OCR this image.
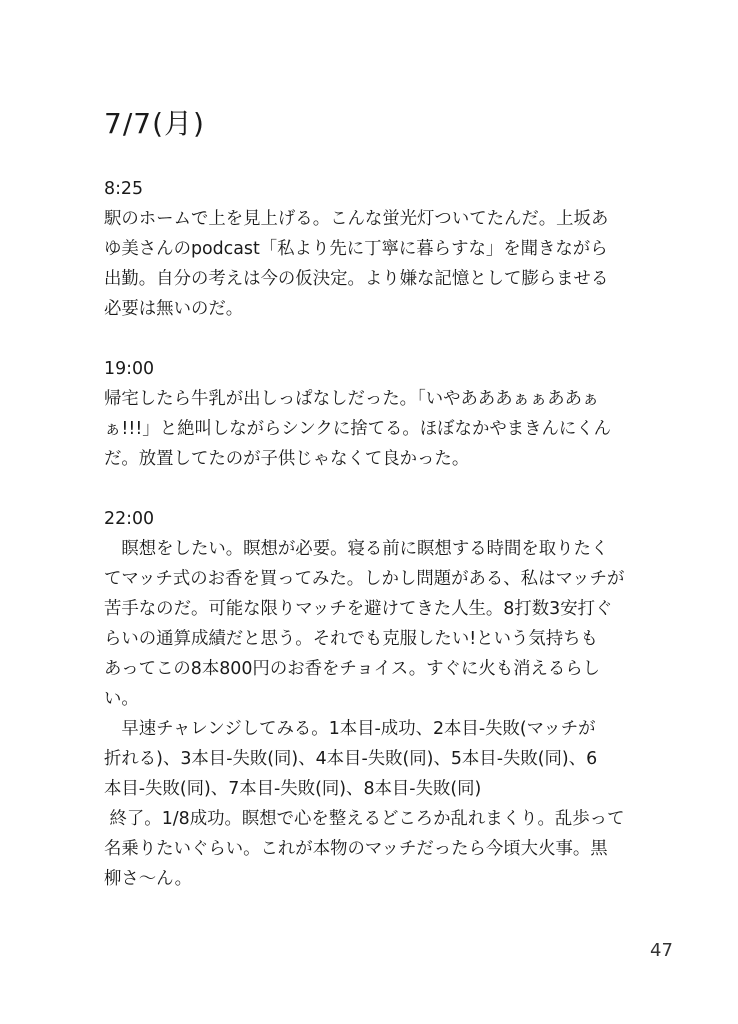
7/7(月)
8:25
駅のホームで上を見上げる。こんな蛍光灯ついてたんだ。上坂あ
ゆ美さんのpodcast「私より先に丁寧に暮らすな」を聞きながら
出勤。自分の考えは今の仮決定。より嫌な記憶として膨らませる
必要は無いのだ。
19:00
帰宅したら牛乳が出しっぱなしだった。「いやあああぁぁああぁ
ぁ!!!」と絶叫しながらシンクに捨てる。ほぼなかやまきんにくん
だ。放置してたのが子供じゃなくて良かった。
22:00
　瞑想をしたい。瞑想が必要。寝る前に瞑想する時間を取りたく
てマッチ式のお香を買ってみた。しかし問題がある、私はマッチが
苦手なのだ。可能な限りマッチを避けてきた人生。8打数3安打ぐ
らいの通算成績だと思う。それでも克服したい!という気持ちも
あってこの8本800円のお香をチョイス。すぐに火も消えるらし
い。
　早速チャレンジしてみる。1本目-成功、2本目-失敗(マッチが
折れる)、3本目-失敗(同)、4本目-失敗(同)、5本目-失敗(同)、6
本目-失敗(同)、7本目-失敗(同)、8本目-失敗(同)
終了。1/8成功。瞑想で心を整えるどころか乱れまくり。乱歩って
名乗りたいぐらい。これが本物のマッチだったら今頃大火事。黒
柳さ〜ん。
47
